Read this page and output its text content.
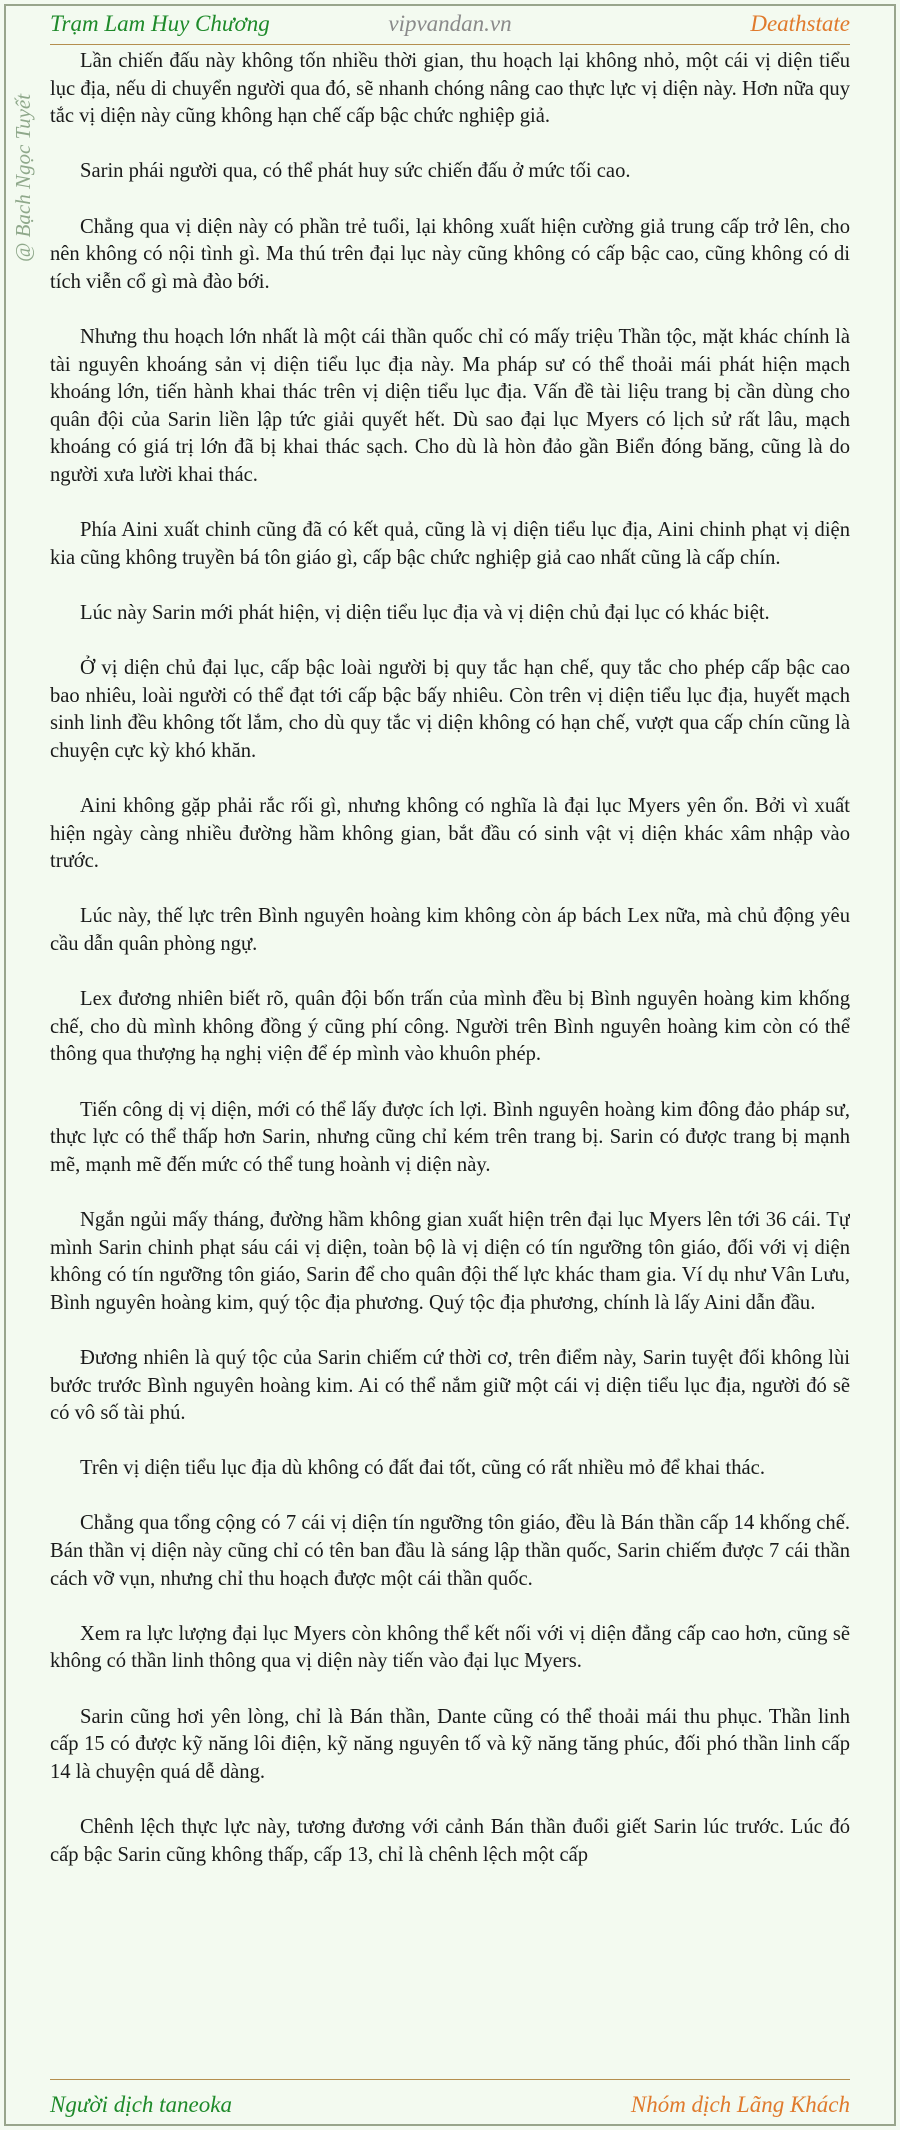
Trạm Lam Huy Chương	vipvandan.vn	Deathstate
@ Bạch Ngọc Tuyết

Lần chiến đấu này không tốn nhiều thời gian, thu hoạch lại không nhỏ, một cái vị diện tiểu lục địa, nếu di chuyển người qua đó, sẽ nhanh chóng nâng cao thực lực vị diện này. Hơn nữa quy tắc vị diện này cũng không hạn chế cấp bậc chức nghiệp giả.

Sarin phái người qua, có thể phát huy sức chiến đấu ở mức tối cao.

Chẳng qua vị diện này có phần trẻ tuổi, lại không xuất hiện cường giả trung cấp trở lên, cho nên không có nội tình gì. Ma thú trên đại lục này cũng không có cấp bậc cao, cũng không có di tích viễn cổ gì mà đào bới.

Nhưng thu hoạch lớn nhất là một cái thần quốc chỉ có mấy triệu Thần tộc, mặt khác chính là tài nguyên khoáng sản vị diện tiểu lục địa này. Ma pháp sư có thể thoải mái phát hiện mạch khoáng lớn, tiến hành khai thác trên vị diện tiểu lục địa. Vấn đề tài liệu trang bị cần dùng cho quân đội của Sarin liền lập tức giải quyết hết. Dù sao đại lục Myers có lịch sử rất lâu, mạch khoáng có giá trị lớn đã bị khai thác sạch. Cho dù là hòn đảo gần Biển đóng băng, cũng là do người xưa lười khai thác.

Phía Aini xuất chinh cũng đã có kết quả, cũng là vị diện tiểu lục địa, Aini chinh phạt vị diện kia cũng không truyền bá tôn giáo gì, cấp bậc chức nghiệp giả cao nhất cũng là cấp chín.

Lúc này Sarin mới phát hiện, vị diện tiểu lục địa và vị diện chủ đại lục có khác biệt.

Ở vị diện chủ đại lục, cấp bậc loài người bị quy tắc hạn chế, quy tắc cho phép cấp bậc cao bao nhiêu, loài người có thể đạt tới cấp bậc bấy nhiêu. Còn trên vị diện tiểu lục địa, huyết mạch sinh linh đều không tốt lắm, cho dù quy tắc vị diện không có hạn chế, vượt qua cấp chín cũng là chuyện cực kỳ khó khăn.

Aini không gặp phải rắc rối gì, nhưng không có nghĩa là đại lục Myers yên ổn. Bởi vì xuất hiện ngày càng nhiều đường hầm không gian, bắt đầu có sinh vật vị diện khác xâm nhập vào trước.

Lúc này, thế lực trên Bình nguyên hoàng kim không còn áp bách Lex nữa, mà chủ động yêu cầu dẫn quân phòng ngự.

Lex đương nhiên biết rõ, quân đội bốn trấn của mình đều bị Bình nguyên hoàng kim khống chế, cho dù mình không đồng ý cũng phí công. Người trên Bình nguyên hoàng kim còn có thể thông qua thượng hạ nghị viện để ép mình vào khuôn phép.

Tiến công dị vị diện, mới có thể lấy được ích lợi. Bình nguyên hoàng kim đông đảo pháp sư, thực lực có thể thấp hơn Sarin, nhưng cũng chỉ kém trên trang bị. Sarin có được trang bị mạnh mẽ, mạnh mẽ đến mức có thể tung hoành vị diện này.

Ngắn ngủi mấy tháng, đường hầm không gian xuất hiện trên đại lục Myers lên tới 36 cái. Tự mình Sarin chinh phạt sáu cái vị diện, toàn bộ là vị diện có tín ngưỡng tôn giáo, đối với vị diện không có tín ngưỡng tôn giáo, Sarin để cho quân đội thế lực khác tham gia. Ví dụ như Vân Lưu, Bình nguyên hoàng kim, quý tộc địa phương. Quý tộc địa phương, chính là lấy Aini dẫn đầu.

Đương nhiên là quý tộc của Sarin chiếm cứ thời cơ, trên điểm này, Sarin tuyệt đối không lùi bước trước Bình nguyên hoàng kim. Ai có thể nắm giữ một cái vị diện tiểu lục địa, người đó sẽ có vô số tài phú.

Trên vị diện tiểu lục địa dù không có đất đai tốt, cũng có rất nhiều mỏ để khai thác.

Chẳng qua tổng cộng có 7 cái vị diện tín ngưỡng tôn giáo, đều là Bán thần cấp 14 khống chế. Bán thần vị diện này cũng chỉ có tên ban đầu là sáng lập thần quốc, Sarin chiếm được 7 cái thần cách vỡ vụn, nhưng chỉ thu hoạch được một cái thần quốc.

Xem ra lực lượng đại lục Myers còn không thể kết nối với vị diện đẳng cấp cao hơn, cũng sẽ không có thần linh thông qua vị diện này tiến vào đại lục Myers.

Sarin cũng hơi yên lòng, chỉ là Bán thần, Dante cũng có thể thoải mái thu phục. Thần linh cấp 15 có được kỹ năng lôi điện, kỹ năng nguyên tố và kỹ năng tăng phúc, đối phó thần linh cấp 14 là chuyện quá dễ dàng.

Chênh lệch thực lực này, tương đương với cảnh Bán thần đuổi giết Sarin lúc trước. Lúc đó cấp bậc Sarin cũng không thấp, cấp 13, chỉ là chênh lệch một cấp

Người dịch taneoka	Nhóm dịch Lãng Khách
